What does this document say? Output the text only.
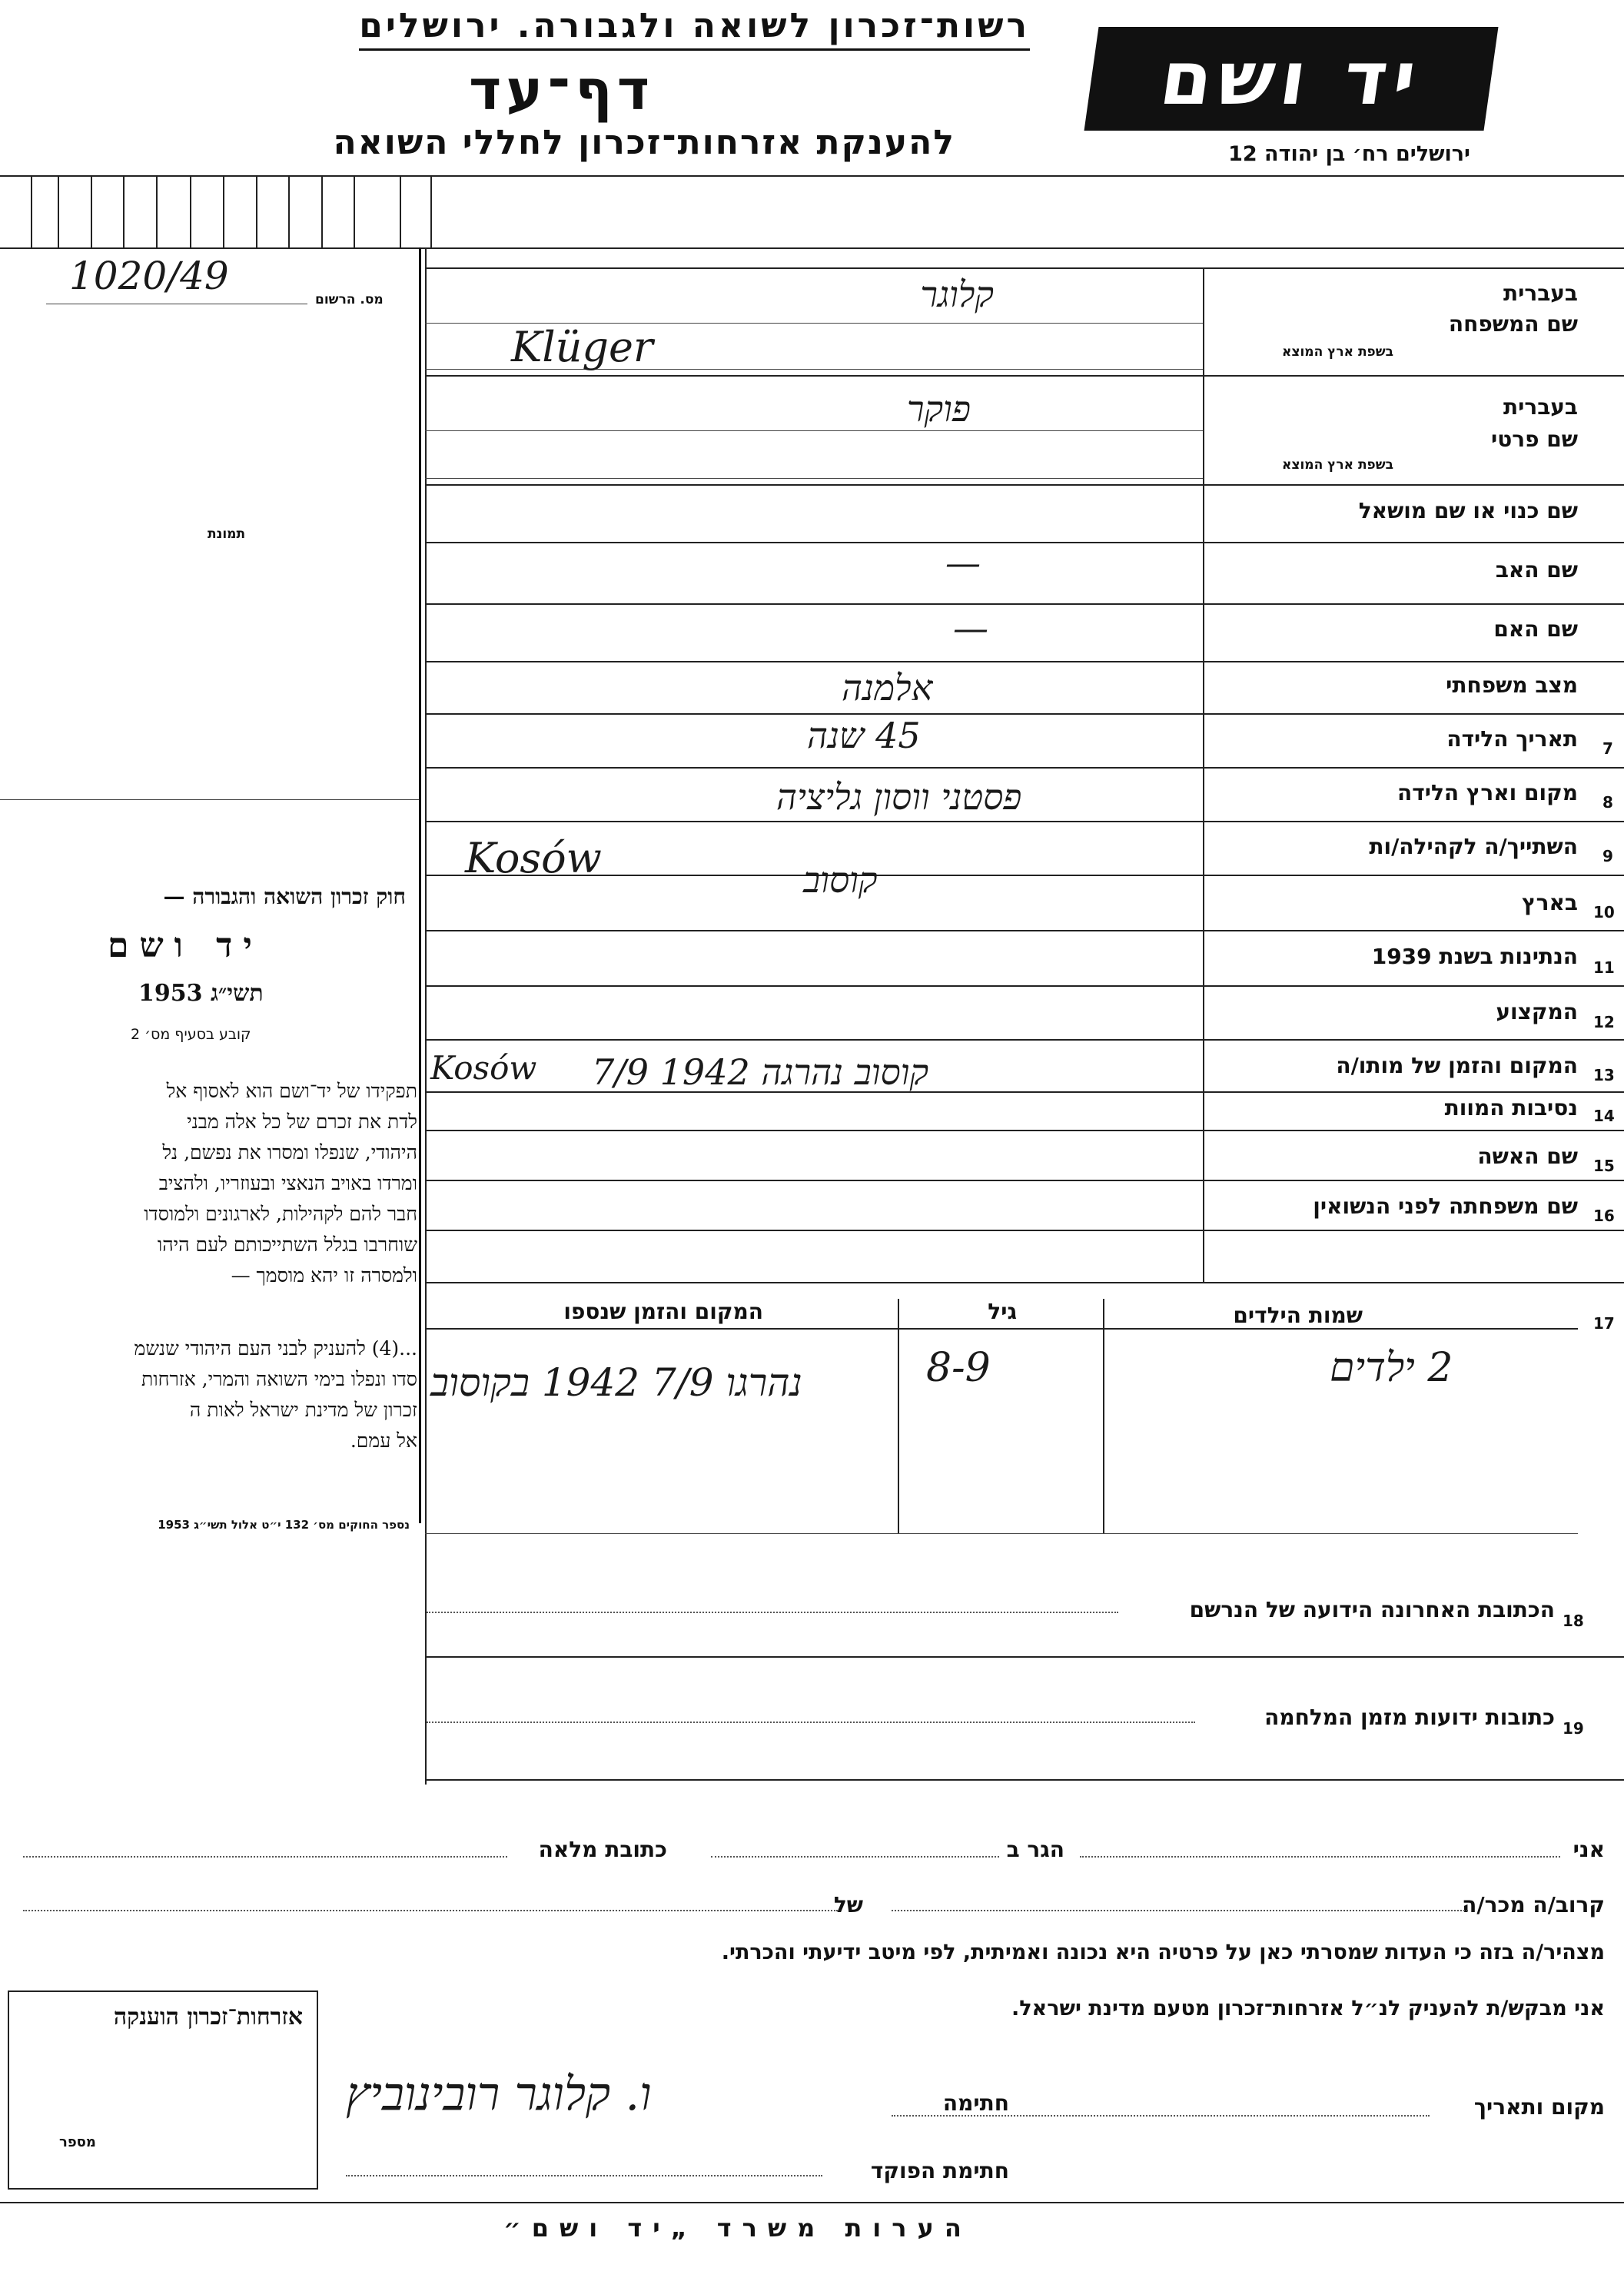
רשות־זכרון לשואה ולגבורה. ירושלים
דף־עד
להענקת אזרחות־זכרון לחללי השואה
יד ושם
ירושלים רח׳ בן יהודה 12
1020/49
מס. הרשום
תמונת
חוק זכרון השואה והגבורה —
יד ושם
תשי״ג 1953
קובע בסעיף מס׳ 2
תפקידו של יד־ושם הוא לאסוף אל
לדת את זכרם של כל אלה מבני
היהודי, שנפלו ומסרו את נפשם, נל
ומרדו באויב הנאצי ובעוזריו, ולהציב
חבר להם לקהילות, לארגונים ולמוסדו
שוחרבו בגלל השתייכותם לעם היהו
ולמסרה זו יהא מוסמך —
...(4) להעניק לבני העם היהודי שנשמ
סדו ונפלו בימי השואה והמרי, אזרחות
זכרון של מדינת ישראל לאות ה
אל עמם.
נספר החוקים מס׳ 132 י״ט אלול תשי״ג 1953
בעברית
שם המשפחה
בשפת ארץ המוצא
בעברית
שם פרטי
בשפת ארץ המוצא
שם כנוי או שם מושאל
שם האב
שם האם
מצב משפחתי
7
תאריך הלידה
8
מקום וארץ הלידה
9
השתייך/ה לקהילה/ות
10
בארץ
11
הנתינות בשנת 1939
12
המקצוע
13
המקום והזמן של מותו/ה
14
נסיבות המוות
15
שם האשה
16
שם משפחתה לפני הנשואין
קלוגר
Klüger
פוקר
—
—
אלמנה
45 שנה
פסטני ווסון גליציה
Kosów	קוסוב
Kosów קוסוב נהרגה 1942 7/9
17
שמות הילדים
גיל
המקום והזמן שנספו
2 ילדים
8-9
נהרגו 7/9 1942 בקוסוב
18
הכתובת האחרונה הידועה של הנרשם
19
כתובות ידועות מזמן המלחמה
אני
הגר ב
כתובת מלאה
קרוב/ה מכר/ה
של
מצהיר/ה בזה כי העדות שמסרתי כאן על פרטיה היא נכונה ואמיתית, לפי מיטב ידיעתי והכרתי.
אני מבקש/ת להעניק לנ״ל אזרחות־זכרון מטעם מדינת ישראל.
מקום ותאריך
חתימה
ו. קלוגר רובינוביץ
חתימת הפוקד
אזרחות־זכרון הוענקה
מספר
הערות משרד „יד ושם״
